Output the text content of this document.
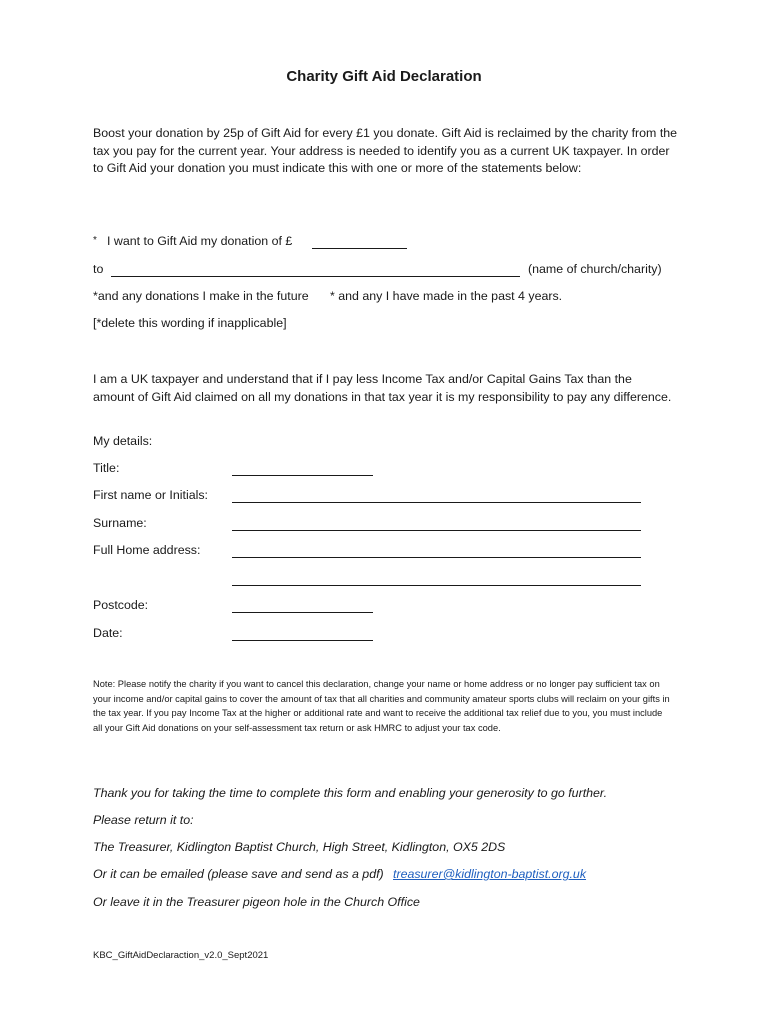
Charity Gift Aid Declaration
Boost your donation by 25p of Gift Aid for every £1 you donate. Gift Aid is reclaimed by the charity from the tax you pay for the current year. Your address is needed to identify you as a current UK taxpayer. In order to Gift Aid your donation you must indicate this with one or more of the statements below:
* I want to Gift Aid my donation of £
to	(name of church/charity)
*and any donations I make in the future * and any I have made in the past 4 years.
[*delete this wording if inapplicable]
I am a UK taxpayer and understand that if I pay less Income Tax and/or Capital Gains Tax than the amount of Gift Aid claimed on all my donations in that tax year it is my responsibility to pay any difference.
My details:
Title:
First name or Initials:
Surname:
Full Home address:
Postcode:
Date:
Note: Please notify the charity if you want to cancel this declaration, change your name or home address or no longer pay sufficient tax on your income and/or capital gains to cover the amount of tax that all charities and community amateur sports clubs will reclaim on your gifts in the tax year. If you pay Income Tax at the higher or additional rate and want to receive the additional tax relief due to you, you must include all your Gift Aid donations on your self-assessment tax return or ask HMRC to adjust your tax code.
Thank you for taking the time to complete this form and enabling your generosity to go further.
Please return it to:
The Treasurer, Kidlington Baptist Church, High Street, Kidlington, OX5 2DS
Or it can be emailed (please save and send as a pdf) treasurer@kidlington-baptist.org.uk
Or leave it in the Treasurer pigeon hole in the Church Office
KBC_GiftAidDeclaraction_v2.0_Sept2021
